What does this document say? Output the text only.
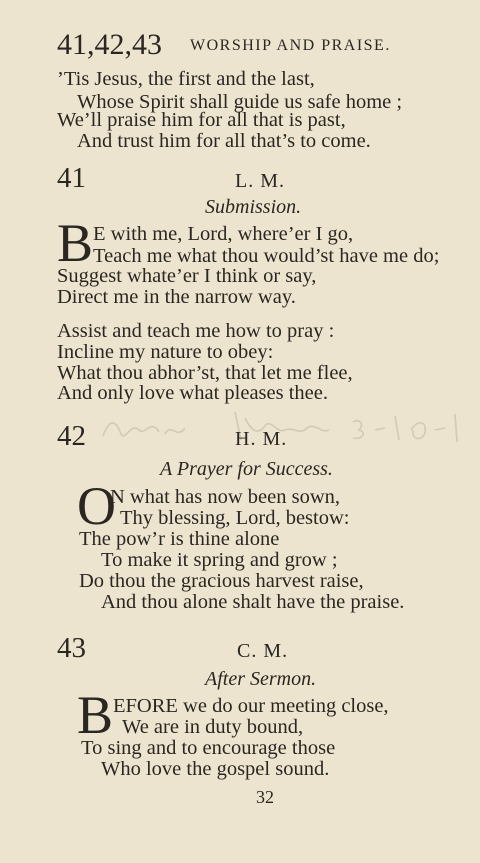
41,42,43 WORSHIP AND PRAISE.
’Tis Jesus, the first and the last,
Whose Spirit shall guide us safe home ;
We’ll praise him for all that is past,
And trust him for all that’s to come.
41	L. M.
Submission.
B E with me, Lord, where’er I go,
Teach me what thou would’st have me do;
Suggest whate’er I think or say,
Direct me in the narrow way.
Assist and teach me how to pray :
Incline my nature to obey:
What thou abhor’st, that let me flee,
And only love what pleases thee.
42	H. M.
A Prayer for Success.
O
N what has now been sown,
Thy blessing, Lord, bestow:
The pow’r is thine alone
To make it spring and grow ;
Do thou the gracious harvest raise,
And thou alone shalt have the praise.
43	C. M.
After Sermon.
B EFORE we do our meeting close,
We are in duty bound,
To sing and to encourage those
Who love the gospel sound.
32
